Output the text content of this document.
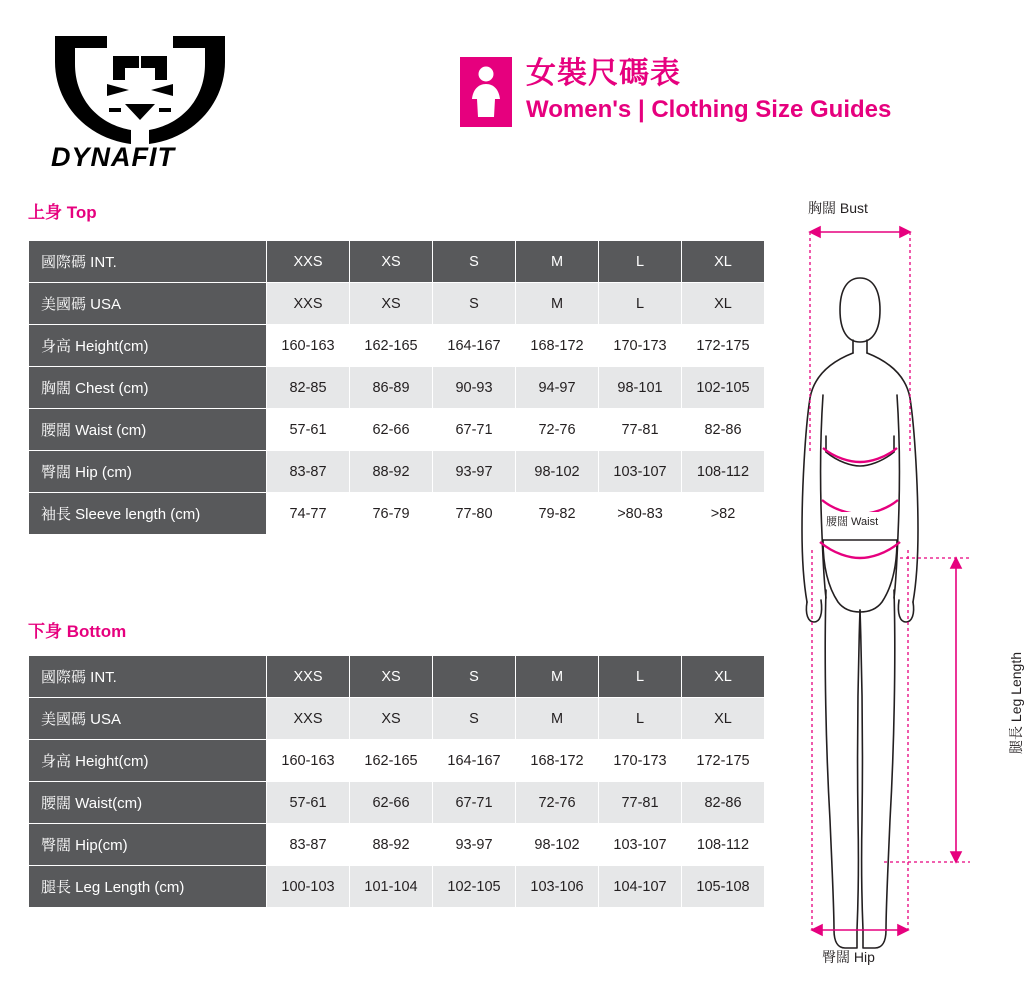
DYNAFIT
女裝尺碼表
Women's | Clothing Size Guides
上身 Top
國際碼 INT.	XXS	XS	S	M	L	XL
美國碼 USA	XXS	XS	S	M	L	XL
身高 Height(cm)	160-163	162-165	164-167	168-172	170-173	172-175
胸闊 Chest (cm)	82-85	86-89	90-93	94-97	98-101	102-105
腰闊 Waist (cm)	57-61	62-66	67-71	72-76	77-81	82-86
臀闊 Hip (cm)	83-87	88-92	93-97	98-102	103-107	108-112
袖長 Sleeve length (cm)	74-77	76-79	77-80	79-82	>80-83	>82
下身 Bottom
國際碼 INT.	XXS	XS	S	M	L	XL
美國碼 USA	XXS	XS	S	M	L	XL
身高 Height(cm)	160-163	162-165	164-167	168-172	170-173	172-175
腰闊 Waist(cm)	57-61	62-66	67-71	72-76	77-81	82-86
臀闊 Hip(cm)	83-87	88-92	93-97	98-102	103-107	108-112
腿長 Leg Length (cm)	100-103	101-104	102-105	103-106	104-107	105-108
胸闊 Bust
腰闊 Waist
臀闊 Hip
腿長 Leg Length
